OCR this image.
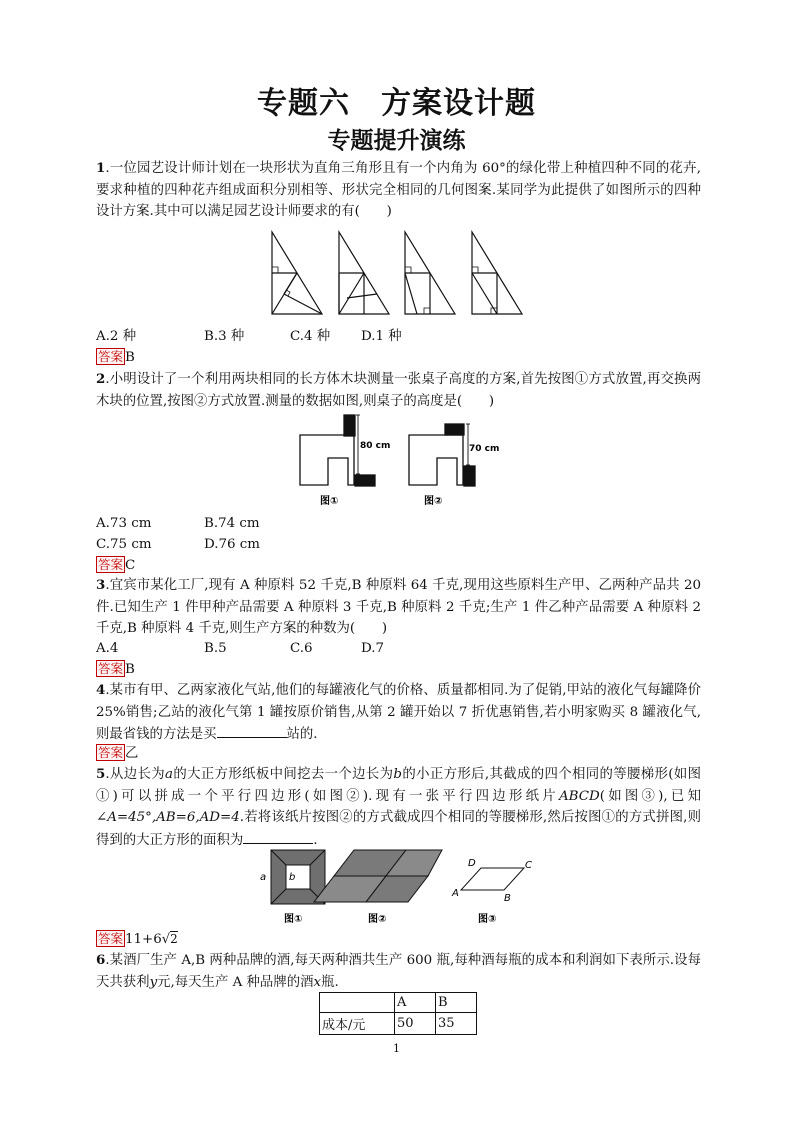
专题六　方案设计题
专题提升演练
1.一位园艺设计师计划在一块形状为直角三角形且有一个内角为 60°的绿化带上种植四种不同的花卉,要求种植的四种花卉组成面积分别相等、形状完全相同的几何图案.某同学为此提供了如图所示的四种设计方案.其中可以满足园艺设计师要求的有(　　)
A.2 种	B.3 种	C.4 种 D.1 种
答案 B
2.小明设计了一个利用两块相同的长方体木块测量一张桌子高度的方案,首先按图①方式放置,再交换两木块的位置,按图②方式放置.测量的数据如图,则桌子的高度是(　　)
80 cm	70 cm
图①	图②
A.73 cm	B.74 cm
C.75 cm	D.76 cm
答案 C
3.宜宾市某化工厂,现有 A 种原料 52 千克,B 种原料 64 千克,现用这些原料生产甲、乙两种产品共 20 件.已知生产 1 件甲种产品需要 A 种原料 3 千克,B 种原料 2 千克;生产 1 件乙种产品需要 A 种原料 2 千克,B 种原料 4 千克,则生产方案的种数为(　　)
A.4	B.5	C.6	D.7
答案 B
4.某市有甲、乙两家液化气站,他们的每罐液化气的价格、质量都相同.为了促销,甲站的液化气每罐降价 25%销售;乙站的液化气第 1 罐按原价销售,从第 2 罐开始以 7 折优惠销售,若小明家购买 8 罐液化气,则最省钱的方法是买	站的.
答案 乙
5.从边长为a的大正方形纸板中间挖去一个边长为b的小正方形后,其截成的四个相同的等腰梯形(如图①)可以拼成一个平行四边形(如图②).现有一张平行四边形纸片ABCD(如图③),已知∠A=45°,AB=6,AD=4.若将该纸片按图②的方式截成四个相同的等腰梯形,然后按图①的方式拼图,则得到的大正方形的面积为	.
a b
A	B
C
D
图①	图②	图③
答案 11+6√2
6.某酒厂生产 A,B 两种品牌的酒,每天两种酒共生产 600 瓶,每种酒每瓶的成本和利润如下表所示.设每天共获利y元,每天生产 A 种品牌的酒x瓶.
	A	B
成本/元	50	35
1
